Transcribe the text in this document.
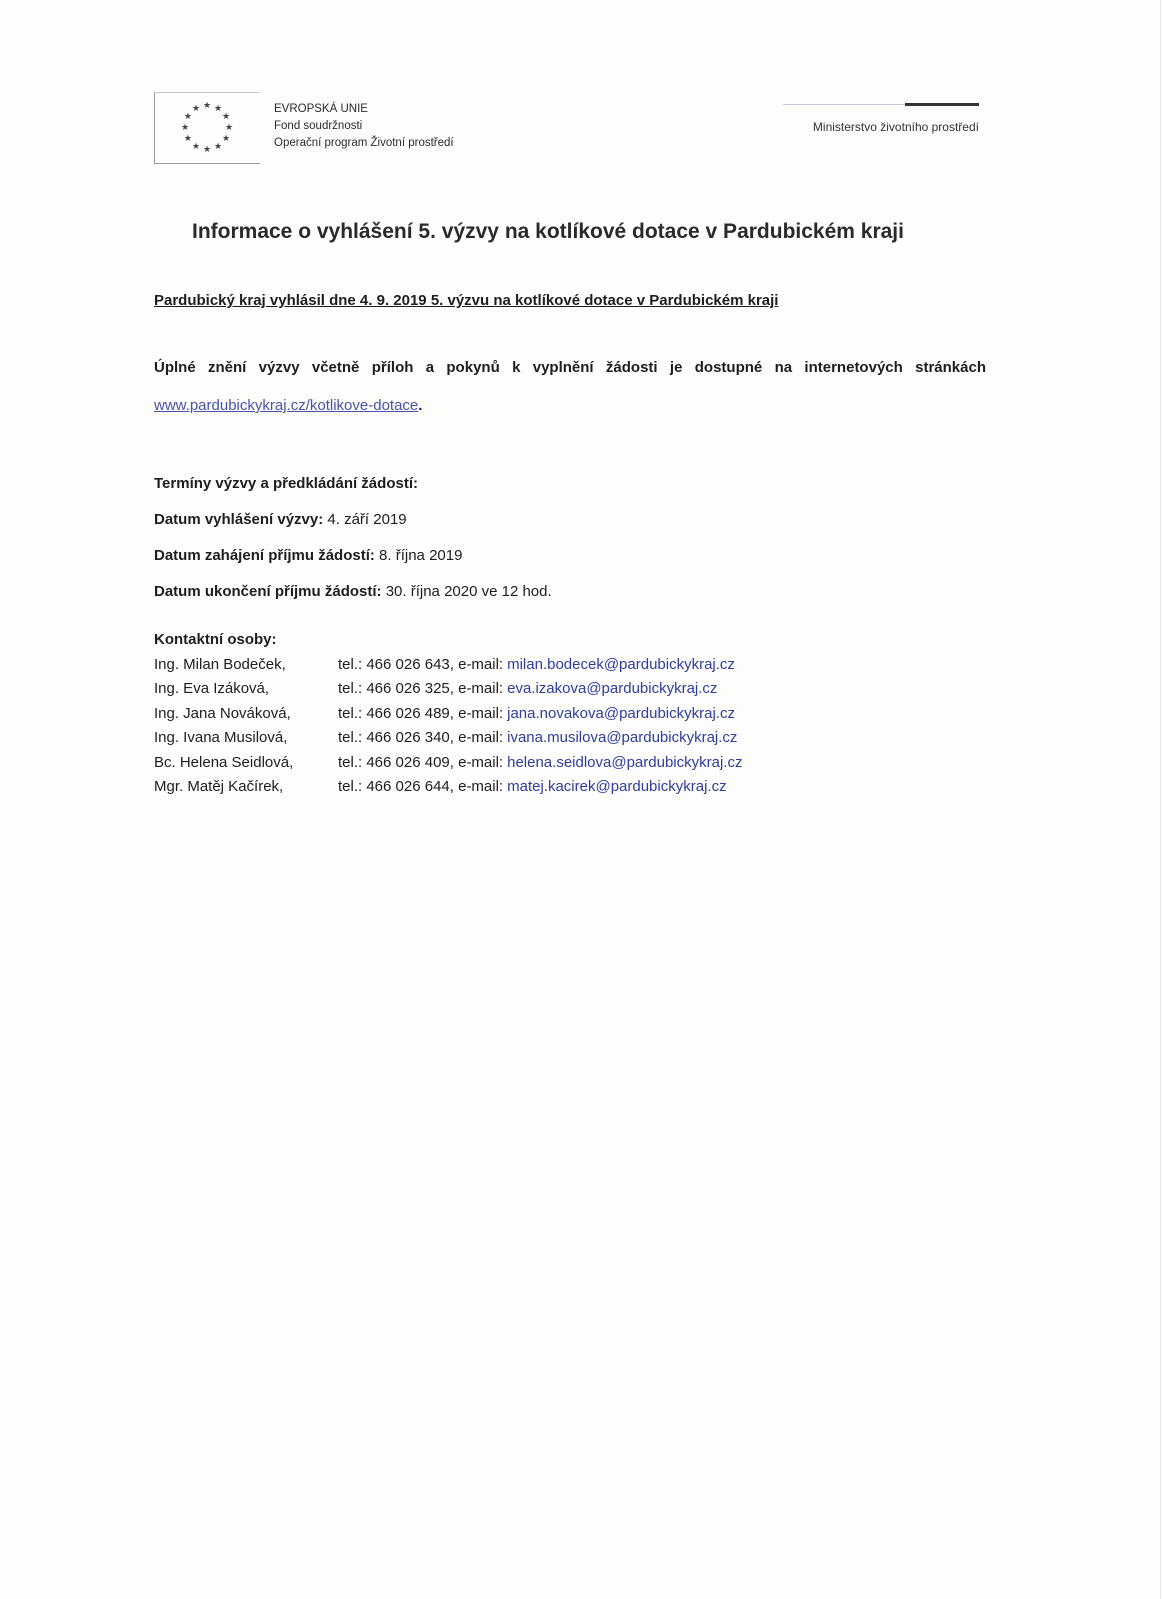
★ ★
★
★
★
★
★
★
★
★
★
★	EVROPSKÁ UNIE
Fond soudržnosti
Operační program Životní prostředí
Ministerstvo životního prostředí
Informace o vyhlášení 5. výzvy na kotlíkové dotace v Pardubickém kraji
Pardubický kraj vyhlásil dne 4. 9. 2019 5. výzvu na kotlíkové dotace v Pardubickém kraji
Úplné znění výzvy včetně příloh a pokynů k vyplnění žádosti je dostupné na internetových stránkách www.pardubickykraj.cz/kotlikove-dotace.
Termíny výzvy a předkládání žádostí:
Datum vyhlášení výzvy: 4. září 2019
Datum zahájení příjmu žádostí: 8. října 2019
Datum ukončení příjmu žádostí: 30. října 2020 ve 12 hod.
Kontaktní osoby:
Ing. Milan Bodeček,	tel.: 466 026 643, e-mail: milan.bodecek@pardubickykraj.cz
Ing. Eva Izáková,	tel.: 466 026 325, e-mail: eva.izakova@pardubickykraj.cz
Ing. Jana Nováková,	tel.: 466 026 489, e-mail: jana.novakova@pardubickykraj.cz
Ing. Ivana Musilová,	tel.: 466 026 340, e-mail: ivana.musilova@pardubickykraj.cz
Bc. Helena Seidlová,	tel.: 466 026 409, e-mail: helena.seidlova@pardubickykraj.cz
Mgr. Matěj Kačírek,	tel.: 466 026 644, e-mail: matej.kacirek@pardubickykraj.cz
